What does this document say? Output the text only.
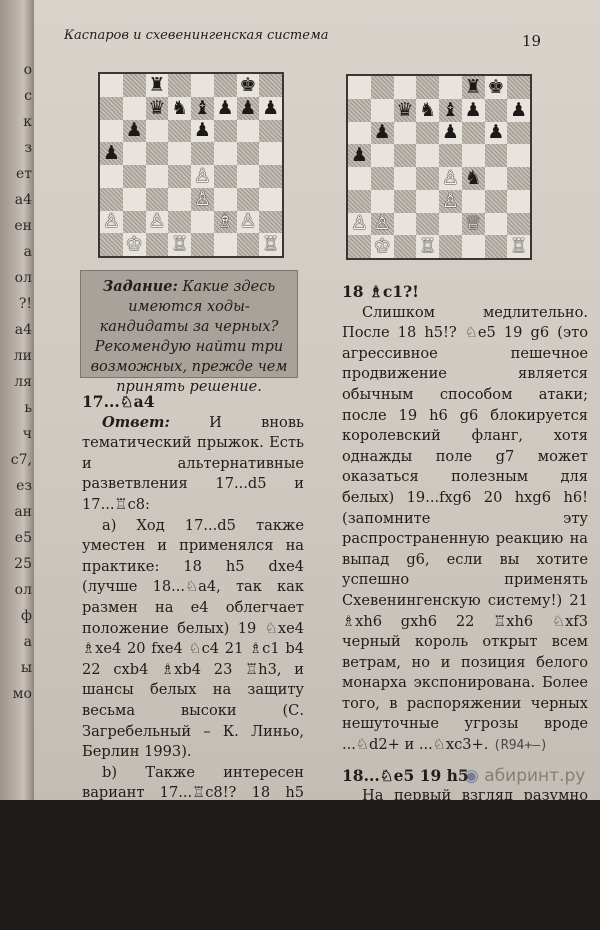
о
с
к
з
ет
а4
ен
а
ол
?!
а4
ли
ля
ь
ч
с7,
ез
ан
е5
25
ол
ф
а
ы
мо
Каспаров и схевенингенская система	19
♜	♚
♛ ♞ ♝ ♟ ♟ ♟
♟	♟
♟
♙
♙
♙ ♙	♗ ♙
♔ ♖	♖
♜ ♚
♛ ♞ ♝ ♟ ♟
♟	♟ ♟
♟
♙ ♞
♙
♙ ♙	♕
♔ ♖	♖
Задание: Какие здесь имеются ходы-кандидаты за черных? Рекомендую найти три возможных, прежде чем принять решение.
17...♘a4

Ответ:	И вновь тематический прыжок. Есть и альтернативные разветвления 17...d5 и 17...♖c8:

а) Ход 17...d5 также уместен и применялся на практике: 18 h5 dxe4 (лучше 18...♘a4, так как размен на e4 облегчает положение белых) 19 ♘xe4 ♗xe4 20 fxe4 ♘c4 21 ♗c1 b4 22 cxb4 ♗xb4 23 ♖h3, и шансы белых на защиту весьма высоки (С. Загребельный – К. Линьо, Берлин 1993).

b) Также интересен вариант 17...♖c8!? 18 h5 ♘a4, что приводит к неясной позиции.

18 ♗c1?!

Слишком медлительно. После 18 h5!? ♘e5 19 g6 (это агрессивное пешечное продвижение является обычным способом атаки; после 19 h6 g6 блокируется королевский фланг, хотя однажды поле g7 может оказаться полезным для белых) 19...fxg6 20 hxg6 h6! (запомните эту распространенную реакцию на выпад g6, если вы хотите успешно применять Схевенингенскую систему!) 21 ♗xh6 gxh6 22 ♖xh6 ♘xf3 черный король открыт всем ветрам, но и позиция белого монарха экспонирована. Более того, в распоряжении черных нешуточные угрозы вроде ...♘d2+ и ...♘xc3+. (R94+–)

18...♘e5 19 h5

На первый взгляд разумно выглядит 19 f4?, чтобы прогнать опасного коня, но это лишь сыграет на руку черным, усиливая роль слона b7: 19...♘xd3 20 cxd3 d5!, и на 21 e5 последует

◉ абиринт.ру
